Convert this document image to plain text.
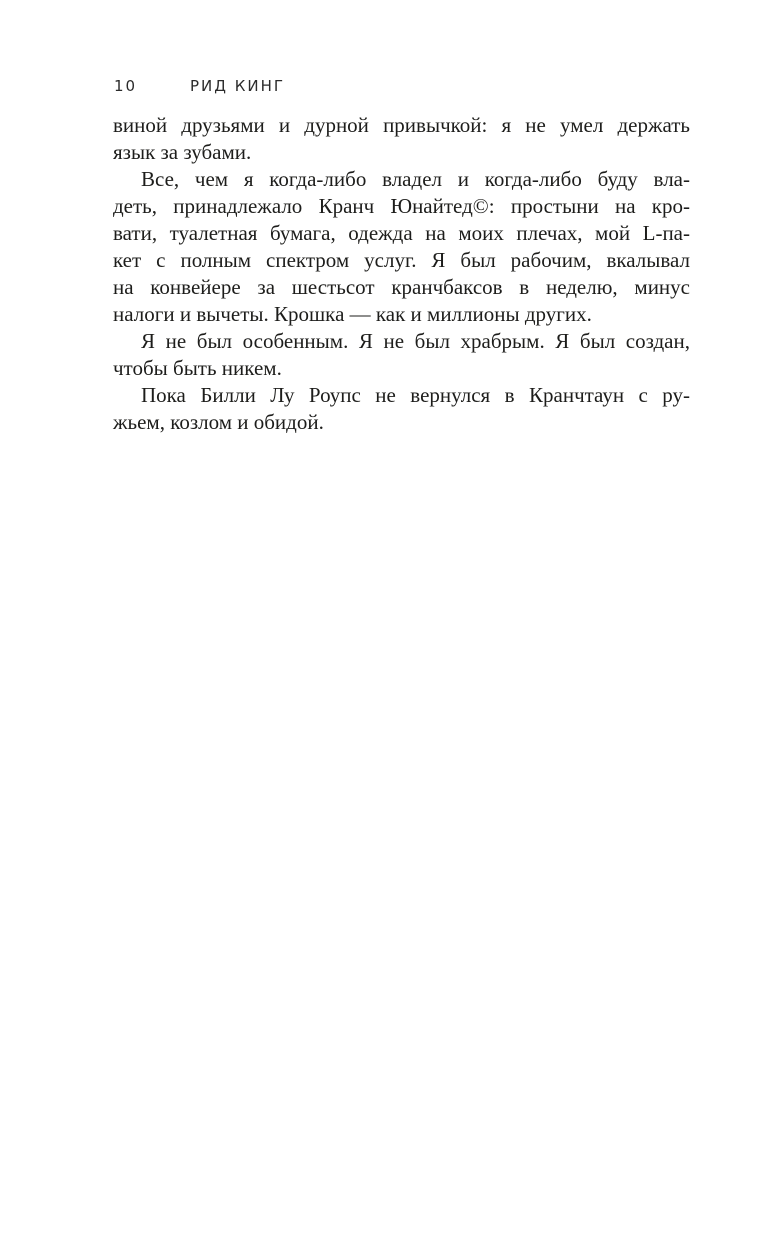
10	РИД КИНГ
виной друзьями и дурной привычкой: я не умел держать
язык за зубами.
Все, чем я когда-либо владел и когда-либо буду вла-
деть, принадлежало Кранч Юнайтед©: простыни на кро-
вати, туалетная бумага, одежда на моих плечах, мой L-па-
кет с полным спектром услуг. Я был рабочим, вкалывал
на конвейере за шестьсот кранчбаксов в неделю, минус
налоги и вычеты. Крошка — как и миллионы других.
Я не был особенным. Я не был храбрым. Я был создан,
чтобы быть никем.
Пока Билли Лу Роупс не вернулся в Кранчтаун с ру-
жьем, козлом и обидой.
